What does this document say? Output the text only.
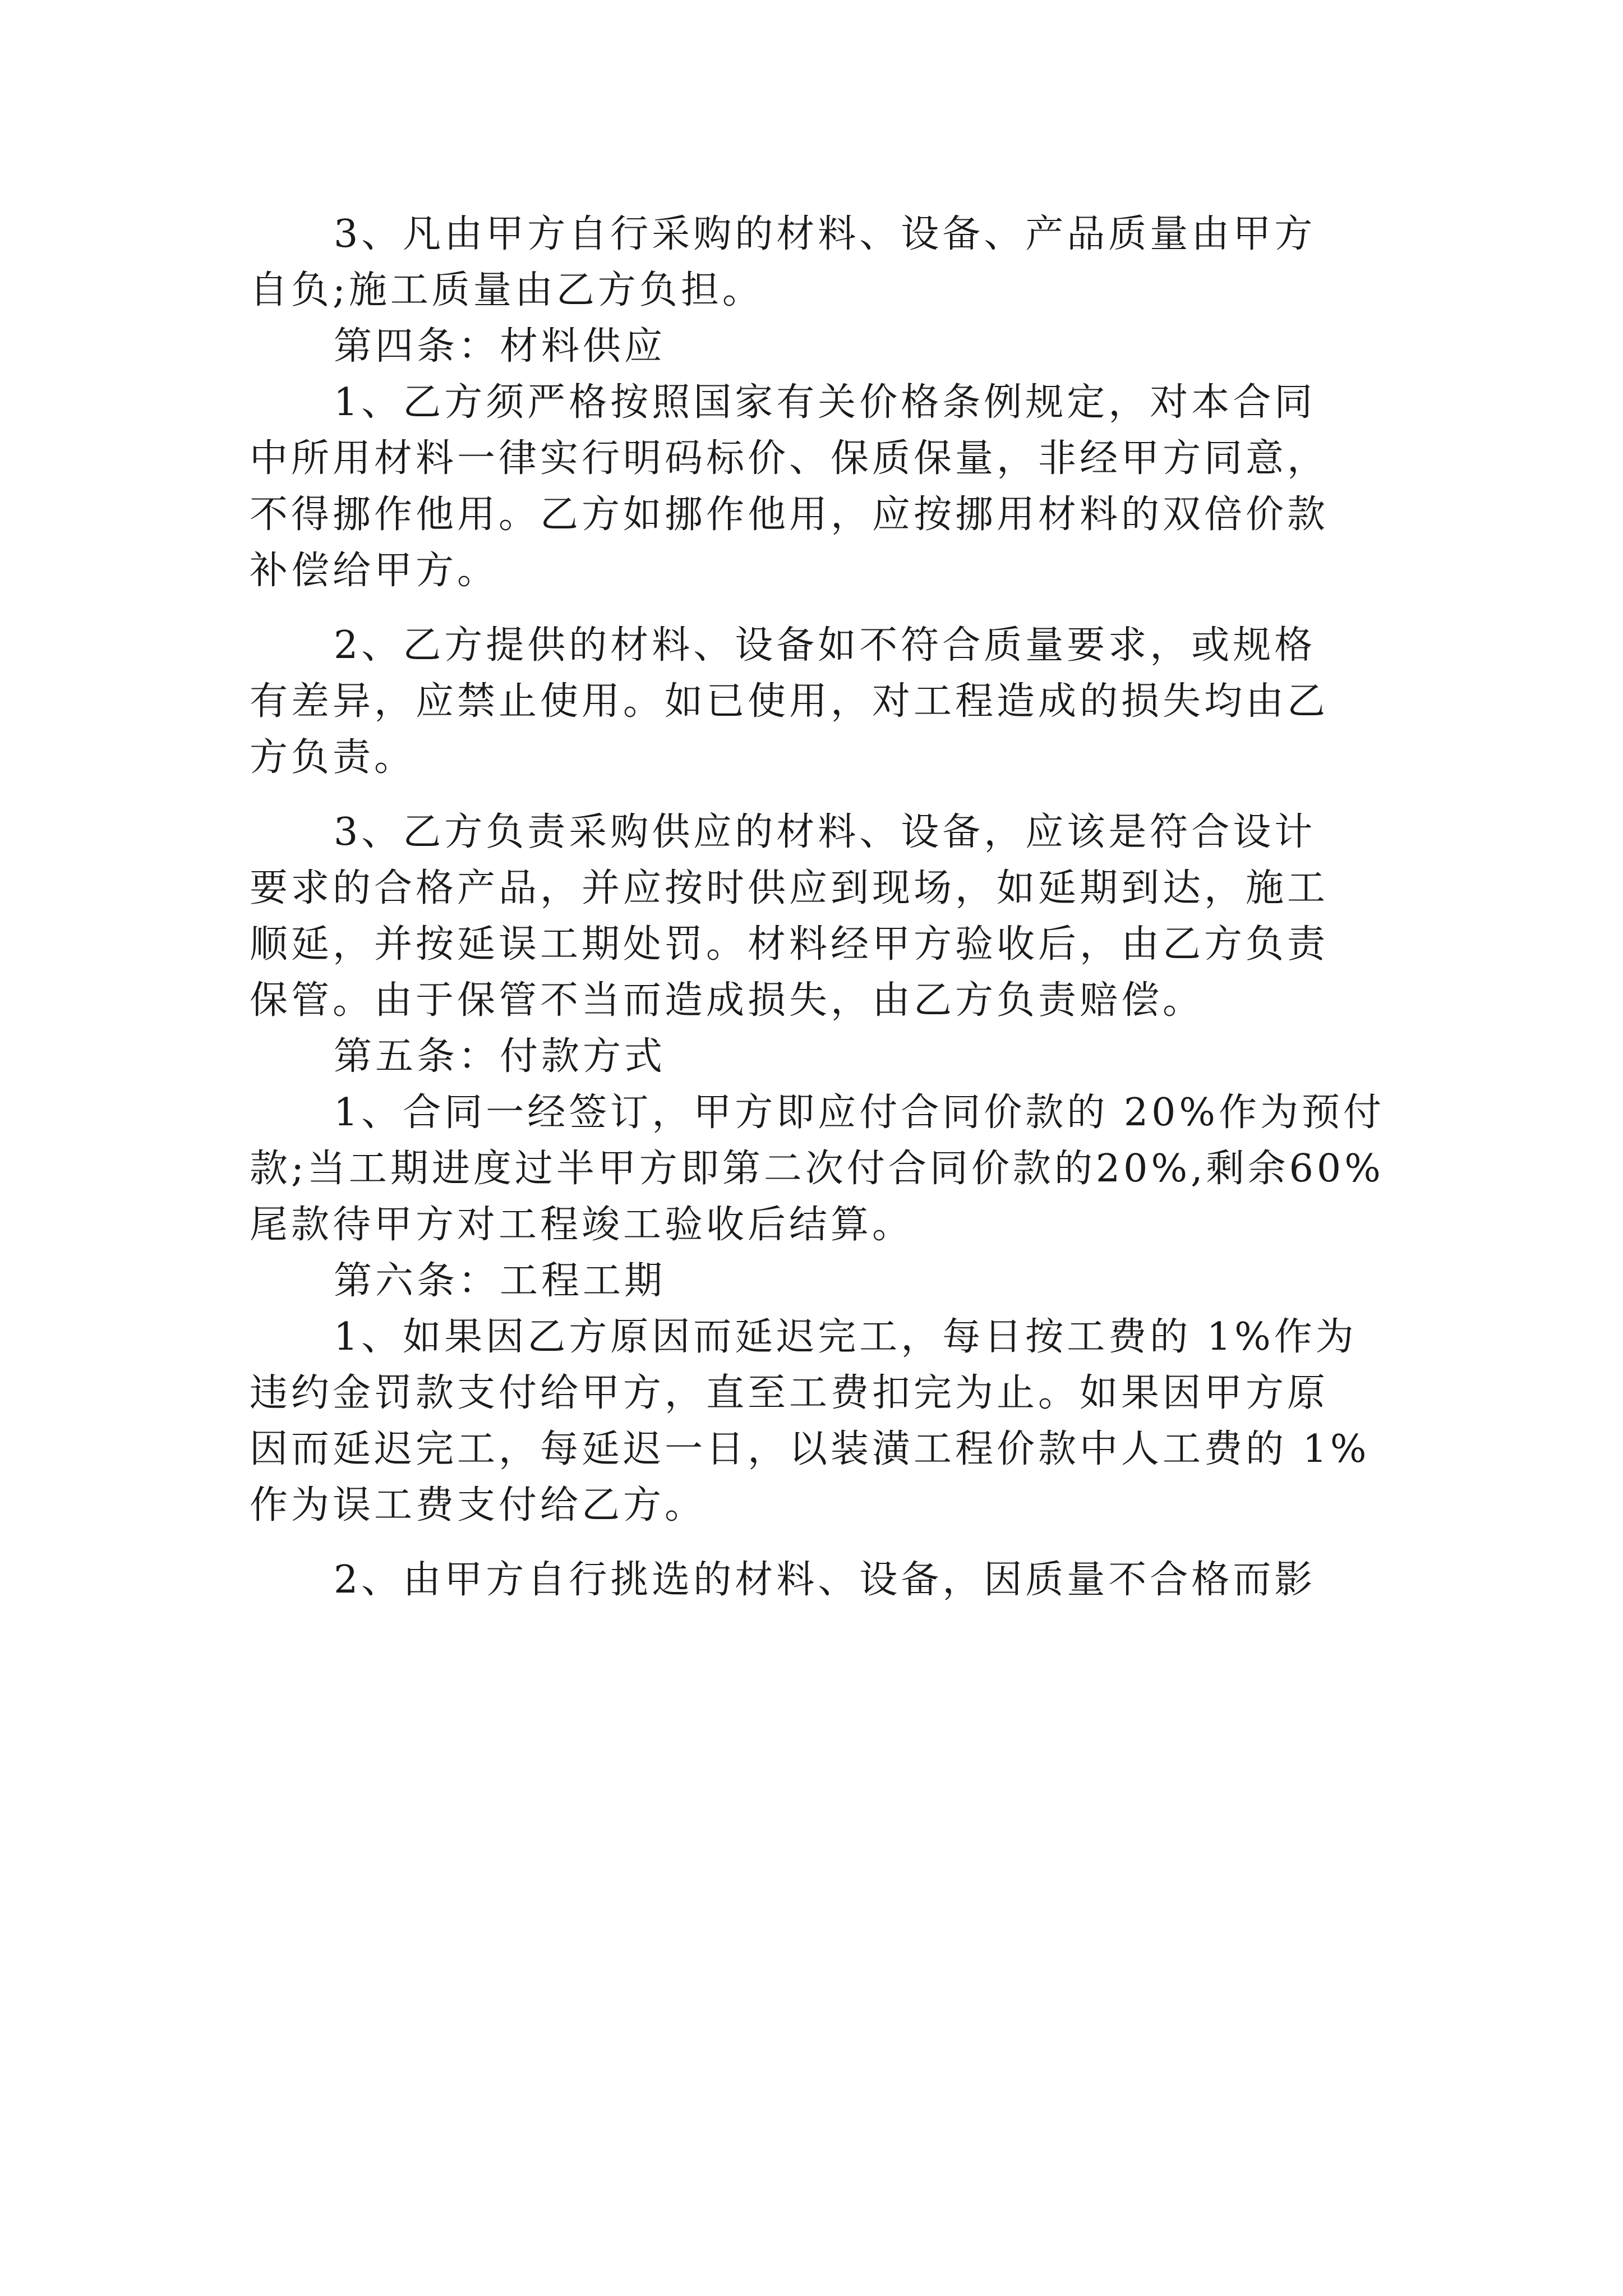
3、凡由甲方自行采购的材料、设备、产品质量由甲方
自负;施工质量由乙方负担。
第四条：材料供应
1、乙方须严格按照国家有关价格条例规定，对本合同
中所用材料一律实行明码标价、保质保量，非经甲方同意，
不得挪作他用。乙方如挪作他用，应按挪用材料的双倍价款
补偿给甲方。
2、乙方提供的材料、设备如不符合质量要求，或规格
有差异，应禁止使用。如已使用，对工程造成的损失均由乙
方负责。
3、乙方负责采购供应的材料、设备，应该是符合设计
要求的合格产品，并应按时供应到现场，如延期到达，施工
顺延，并按延误工期处罚。材料经甲方验收后，由乙方负责
保管。由于保管不当而造成损失，由乙方负责赔偿。
第五条：付款方式
1、合同一经签订，甲方即应付合同价款的 20%作为预付
款;当工期进度过半甲方即第二次付合同价款的20%,剩余60%
尾款待甲方对工程竣工验收后结算。
第六条：工程工期
1、如果因乙方原因而延迟完工，每日按工费的 1%作为
违约金罚款支付给甲方，直至工费扣完为止。如果因甲方原
因而延迟完工，每延迟一日，以装潢工程价款中人工费的 1%
作为误工费支付给乙方。
2、由甲方自行挑选的材料、设备，因质量不合格而影
